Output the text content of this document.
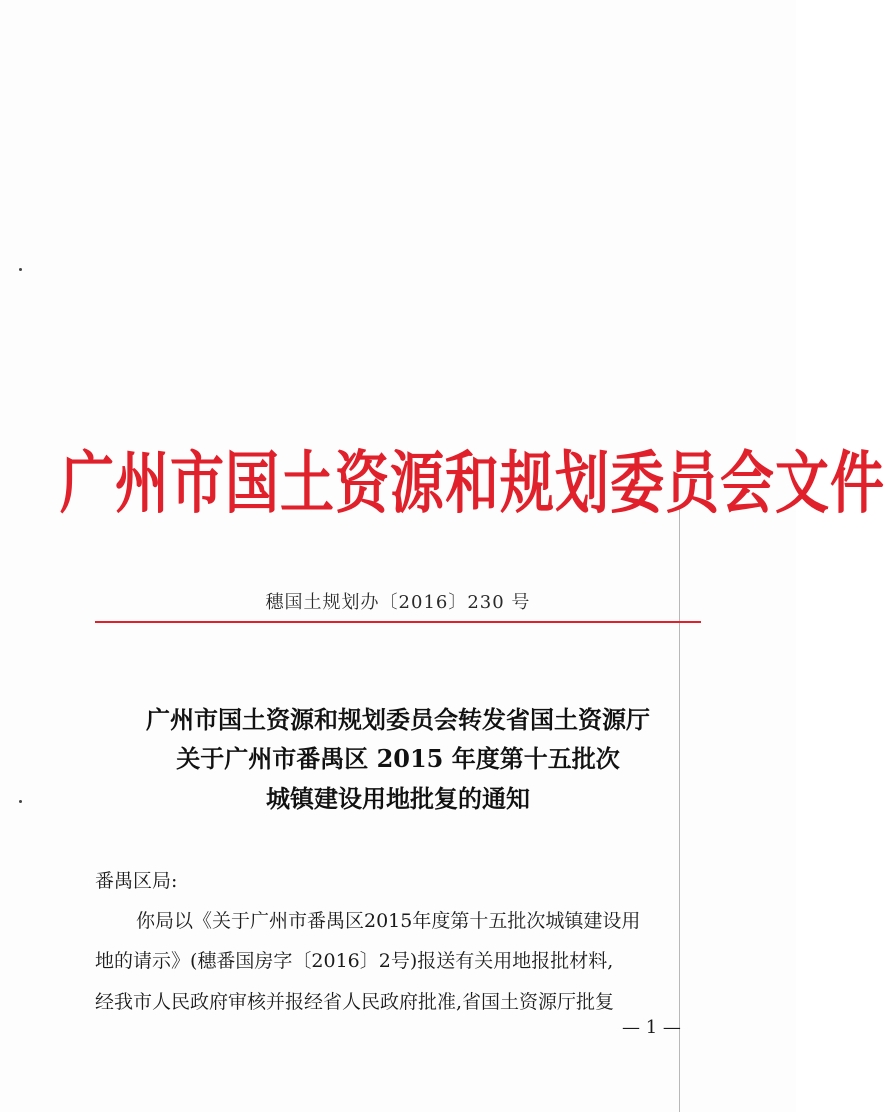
广州市国土资源和规划委员会文件
穗国土规划办〔2016〕230 号
广州市国土资源和规划委员会转发省国土资源厅
关于广州市番禺区 2015 年度第十五批次
城镇建设用地批复的通知
番禺区局:
你局以《关于广州市番禺区2015年度第十五批次城镇建设用
地的请示》(穗番国房字〔2016〕2号)报送有关用地报批材料,
经我市人民政府审核并报经省人民政府批准,省国土资源厅批复
— 1 —
